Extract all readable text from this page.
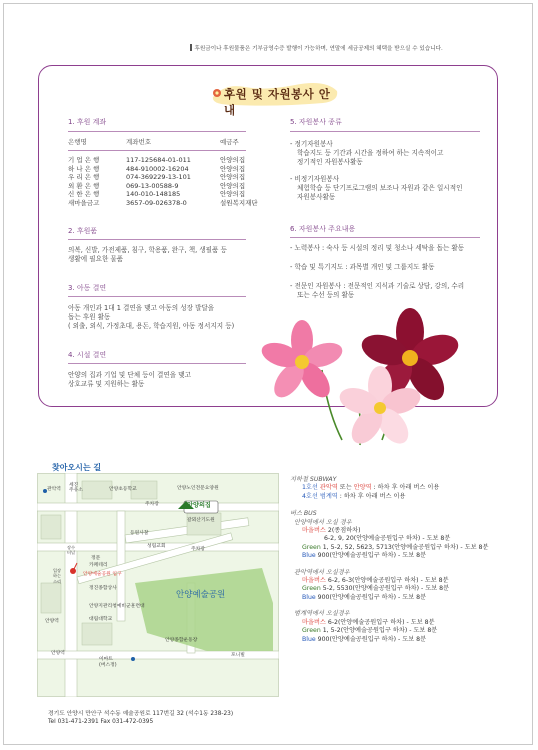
후원금이나 후원물품은 기부금영수증 발행이 가능하며, 연말에 세금공제의 혜택을 받으실 수 있습니다.
후원 및 자원봉사 안내
1. 후원 계좌
은행명	계좌번호	예금주
기 업 은 행	117-125684-01-011	안양의집
하 나 은 행	484-910002-16204	안양의집
우 리 은 행	074-369229-13-101	안양의집
외 환 은 행	069-13-00588-9	안양의집
신 한 은 행	140-010-148185	안양의집
새마을금고	3657-09-026378-0	설원복지재단
2. 후원품
의복, 신발, 가전제품, 침구, 학용품, 완구, 책, 생필품 등
생활에 필요한 물품
3. 아동 결연
아동 개인과 1대 1 결연을 맺고 아동의 성장 발달을
돕는 후원 활동
( 외출, 외식, 가정초대, 용돈, 학습지원, 아동 정서지지 등)
4. 시설 결연
안양의 집과 기업 및 단체 등이 결연을 맺고
상호교류 및 지원하는 활동
5. 자원봉사 종류
- 정기자원봉사
학습지도 등 기간과 시간을 정하여 하는 지속적이고
정기적인 자원봉사활동
- 비정기자원봉사
체험학습 등 단기프로그램의 보조나 자원과 같은 일시적인
자원봉사활동
6. 자원봉사 주요내용
- 노력봉사 : 숙사 등 시설의 정리 및 청소나 세탁을 돕는 활동
- 학습 및 특기지도 : 과목별 개인 및 그룹지도 활동
- 전문인 자원봉사 : 전문적인 지식과 기술로 상담, 강의, 수리
또는 수선 등의 활동
찾아오시는 길
관악역
세진
주유소	안양초등학교
주차장
안양노인전문요양원
안양의집
갈뫼산기도원
등원사찰
성림교회
주차장
장수
터널
정문
카페테리
안양예술공원 입구
입장
하는
스리
정진종합상사
안양지관리청예비군훈련대
대림대학교
안양예술공원
안양종합운동장
안양역
포니빌
이마트
(버스정)
안양역
경기도 안양시 만안구 석수동 예술공원로 117번길 32 (석수1동 238-23)
Tel 031-471-2391 Fax 031-472-0395
지하철 SUBWAY
1호선 관악역 또는 안양역 : 하차 후 아래 버스 이용
4호선 범계역 : 하차 후 아래 버스 이용
버스 BUS
안양역에서 오실 경우
마을버스 2(종점하차)
6-2, 9, 20(안양예술공원입구 하차) - 도보 8분
Green 1, 5-2, 52, 5623, 5713(안양예술공원입구 하차) - 도보 8분
Blue 900(안양예술공원입구 하차) - 도보 8분
관악역에서 오실경우
마을버스 6-2, 6-3(안양예술공원입구 하차) - 도보 8분
Green 5-2, 5530(안양예술공원입구 하차) - 도보 8분
Blue 900(안양예술공원입구 하차) - 도보 8분
범계역에서 오실경우
마을버스 6-2(안양예술공원입구 하차) - 도보 8분
Green 1, 5-2(안양예술공원입구 하차) - 도보 8분
Blue 900(안양예술공원입구 하차) - 도보 8분
